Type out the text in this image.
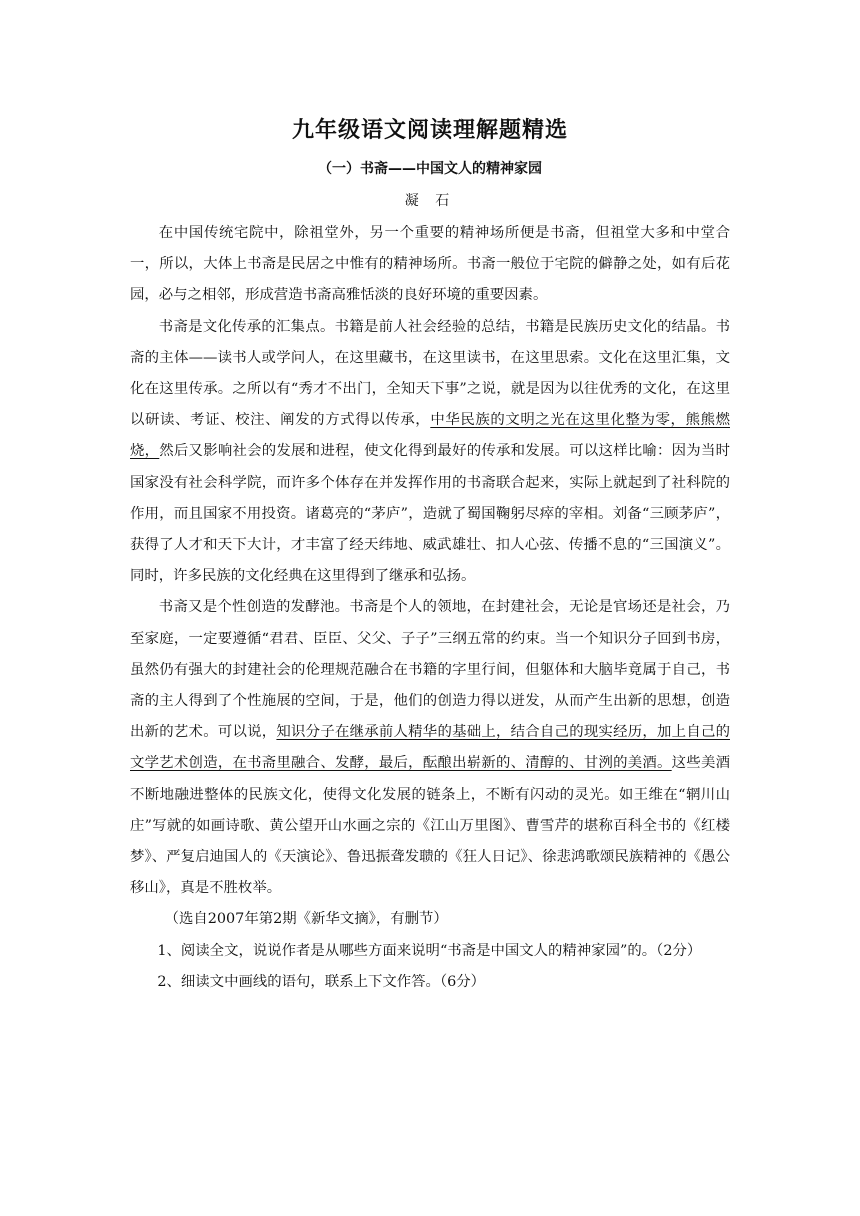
九年级语文阅读理解题精选
（一）书斋——中国文人的精神家园
凝 石

在中国传统宅院中，除祖堂外，另一个重要的精神场所便是书斋，但祖堂大多和中堂合一，所以，大体上书斋是民居之中惟有的精神场所。书斋一般位于宅院的僻静之处，如有后花园，必与之相邻，形成营造书斋高雅恬淡的良好环境的重要因素。

书斋是文化传承的汇集点。书籍是前人社会经验的总结，书籍是民族历史文化的结晶。书斋的主体——读书人或学问人，在这里藏书，在这里读书，在这里思索。文化在这里汇集，文化在这里传承。之所以有“秀才不出门，全知天下事”之说，就是因为以往优秀的文化，在这里以研读、考证、校注、阐发的方式得以传承，中华民族的文明之光在这里化整为零，熊熊燃烧，然后又影响社会的发展和进程，使文化得到最好的传承和发展。可以这样比喻：因为当时国家没有社会科学院，而许多个体存在并发挥作用的书斋联合起来，实际上就起到了社科院的作用，而且国家不用投资。诸葛亮的“茅庐”，造就了蜀国鞠躬尽瘁的宰相。刘备“三顾茅庐”，获得了人才和天下大计，才丰富了经天纬地、威武雄壮、扣人心弦、传播不息的“三国演义”。同时，许多民族的文化经典在这里得到了继承和弘扬。

书斋又是个性创造的发酵池。书斋是个人的领地，在封建社会，无论是官场还是社会，乃至家庭，一定要遵循“君君、臣臣、父父、子子”三纲五常的约束。当一个知识分子回到书房，虽然仍有强大的封建社会的伦理规范融合在书籍的字里行间，但躯体和大脑毕竟属于自己，书斋的主人得到了个性施展的空间，于是，他们的创造力得以迸发，从而产生出新的思想，创造出新的艺术。可以说，知识分子在继承前人精华的基础上，结合自己的现实经历，加上自己的文学艺术创造，在书斋里融合、发酵，最后，酝酿出崭新的、清醇的、甘洌的美酒。这些美酒不断地融进整体的民族文化，使得文化发展的链条上，不断有闪动的灵光。如王维在“辋川山庄”写就的如画诗歌、黄公望开山水画之宗的《江山万里图》、曹雪芹的堪称百科全书的《红楼梦》、严复启迪国人的《天演论》、鲁迅振聋发聩的《狂人日记》、徐悲鸿歌颂民族精神的《愚公移山》，真是不胜枚举。

（选自2007年第2期《新华文摘》，有删节）

1、阅读全文，说说作者是从哪些方面来说明“书斋是中国文人的精神家园”的。（2分）

2、细读文中画线的语句，联系上下文作答。（6分）
